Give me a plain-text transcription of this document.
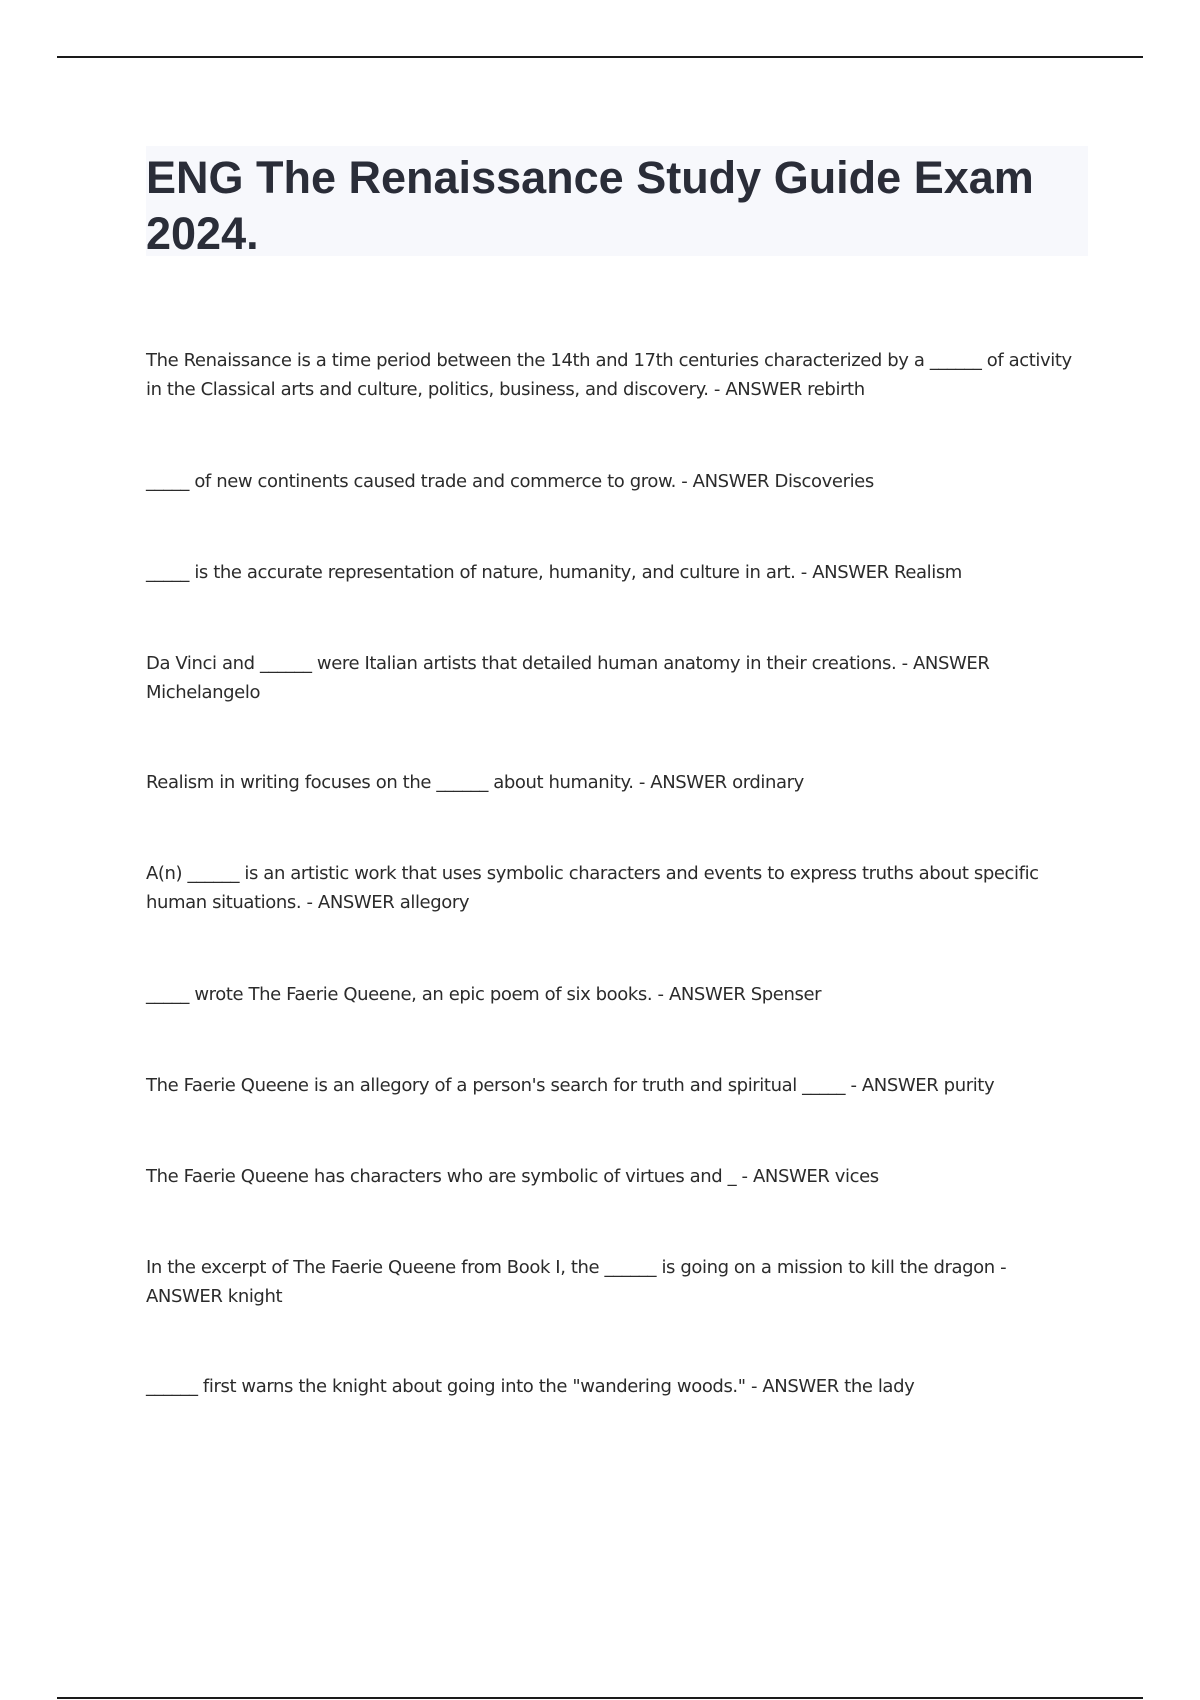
ENG The Renaissance Study Guide Exam 2024.
The Renaissance is a time period between the 14th and 17th centuries characterized by a ______ of activity in the Classical arts and culture, politics, business, and discovery. - ANSWER rebirth
_____ of new continents caused trade and commerce to grow. - ANSWER Discoveries
_____ is the accurate representation of nature, humanity, and culture in art. - ANSWER Realism
Da Vinci and ______ were Italian artists that detailed human anatomy in their creations. - ANSWER Michelangelo
Realism in writing focuses on the ______ about humanity. - ANSWER ordinary
A(n) ______ is an artistic work that uses symbolic characters and events to express truths about specific human situations. - ANSWER allegory
_____ wrote The Faerie Queene, an epic poem of six books. - ANSWER Spenser
The Faerie Queene is an allegory of a person's search for truth and spiritual _____ - ANSWER purity
The Faerie Queene has characters who are symbolic of virtues and _ - ANSWER vices
In the excerpt of The Faerie Queene from Book I, the ______ is going on a mission to kill the dragon - ANSWER knight
______ first warns the knight about going into the "wandering woods." - ANSWER the lady
